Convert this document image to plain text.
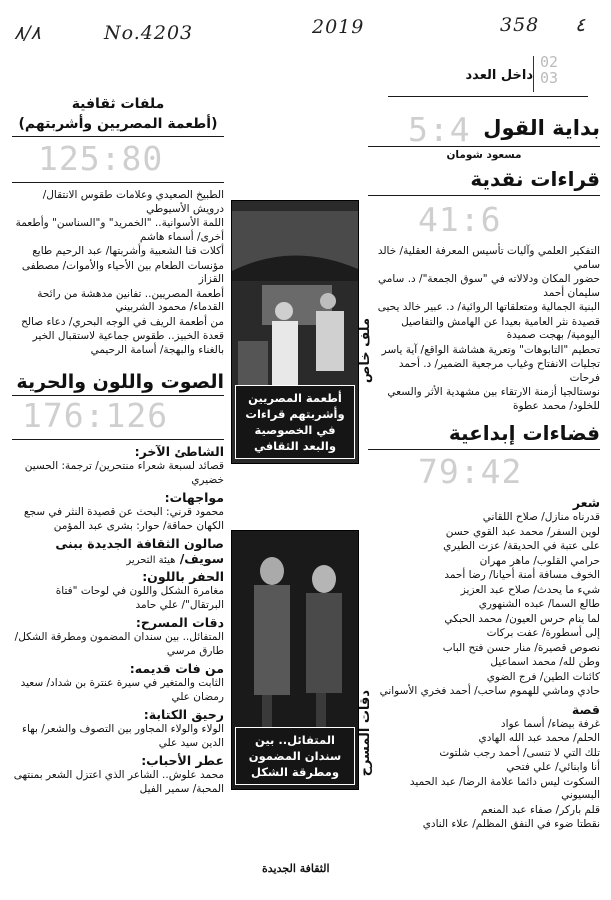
٨/٨	No.4203	2019	358 ٤
داخل العدد
02
03
بداية القول
5:4
مسعود شومان
قراءات نقدية
41:6
التفكير العلمي وآليات تأسيس المعرفة العقلية/ خالد سامي
حضور المكان ودلالاته في "سوق الجمعة"/ د. سامي سليمان أحمد
البنية الجمالية ومتعلقاتها الروائية/ د. عبير خالد يحيى
قصيدة نثر العامية بعيدا عن الهامش والتفاصيل اليومية/ بهجت صميدة
تحطيم "التابوهات" وتعرية هشاشة الواقع/ آية ياسر
تجليات الانفتاح وغياب مرجعية الضمير/ د. أحمد فرحات
نوستالجيا أزمنة الارتقاء بين مشهدية الأثر والسعي للخلود/ محمد عطوة
فضاءات إبداعية
79:42
شعر
قدرناه منازل/ صلاح اللقاني
لوين السفر/ محمد عبد القوي حسن
على عتبة في الحديقة/ عزت الطيري
حرامي القلوب/ ماهر مهران
الخوف مسافة أمنة أحيانا/ رضا أحمد
شيء ما يحدث/ صلاح عبد العزيز
طالع السما/ عبده الشنهوري
لما ينام حرس العيون/ محمد الحبكي
إلى أسطورة/ عفت بركات
نصوص قصيرة/ منار حسن فتح الباب
وطن لله/ محمد اسماعيل
كائنات الطين/ فرج الضوي
حادي وماشي للهموم ساحب/ أحمد فخري الأسواني
قصة
غرفة بيضاء/ أسما عواد
الحلم/ محمد عبد الله الهادي
تلك التي لا تنسى/ أحمد رجب شلتوت
أنا وابنائي/ علي فتحي
السكوت ليس دائما علامة الرضا/ عبد الحميد البسيوني
قلم باركر/ صفاء عبد المنعم
نقطتا ضوء في النفق المظلم/ علاء النادي
أطعمة المصريين وأشربتهم قراءات في الخصوصية والبعد الثقافي
ملف خاص
المتفائل.. بين سندان المضمون ومطرقة الشكل	دقات المسرح
ملفات ثقافية
(أطعمة المصريين وأشربتهم)
125:80
الطبيخ الصعيدي وعلامات طقوس الانتقال/ درويش الأسيوطي
اللمة الأسوانية.. "الخمريد" و"السناسن" وأطعمة أخرى/ أسماء هاشم
أكلات قنا الشعبية وأشربتها/ عبد الرحيم طايع
مؤنسات الطعام بين الأحياء والأموات/ مصطفى القزاز
أطعمة المصريين.. تفانين مدهشة من رائحة القدماء/ محمود الشربيني
من أطعمة الريف في الوجه البحري/ دعاء صالح
قعدة الخبيز.. طقوس جماعية لاستقبال الخير بالغناء والبهجة/ أسامة الرحيمي
الصوت واللون والحرية
176:126
الشاطئ الآخر:
قصائد لسبعة شعراء منتحرين/ ترجمة: الحسين خضيري
مواجهات:
محمود قرني: البحث عن قصيدة النثر في سجع الكهان حماقة/ حوار: بشرى عبد المؤمن
صالون الثقافة الجديدة ببنى سويف/ هيئة التحرير
الحفر باللون:
مغامرة الشكل واللون في لوحات "فتاة البرتقال"/ علي حامد
دقات المسرح:
المتفائل.. بين سندان المضمون ومطرقة الشكل/ طارق مرسي
من فات قديمه:
الثابت والمتغير في سيرة عنترة بن شداد/ سعيد رمضان علي
رحيق الكتابة:
الولاء والولاء المجاور بين التصوف والشعر/ بهاء الدين سيد علي
عطر الأحباب:
محمد علوش.. الشاعر الذي اعتزل الشعر بمنتهى المحبة/ سمير الفيل
الثقافة الجديدة
